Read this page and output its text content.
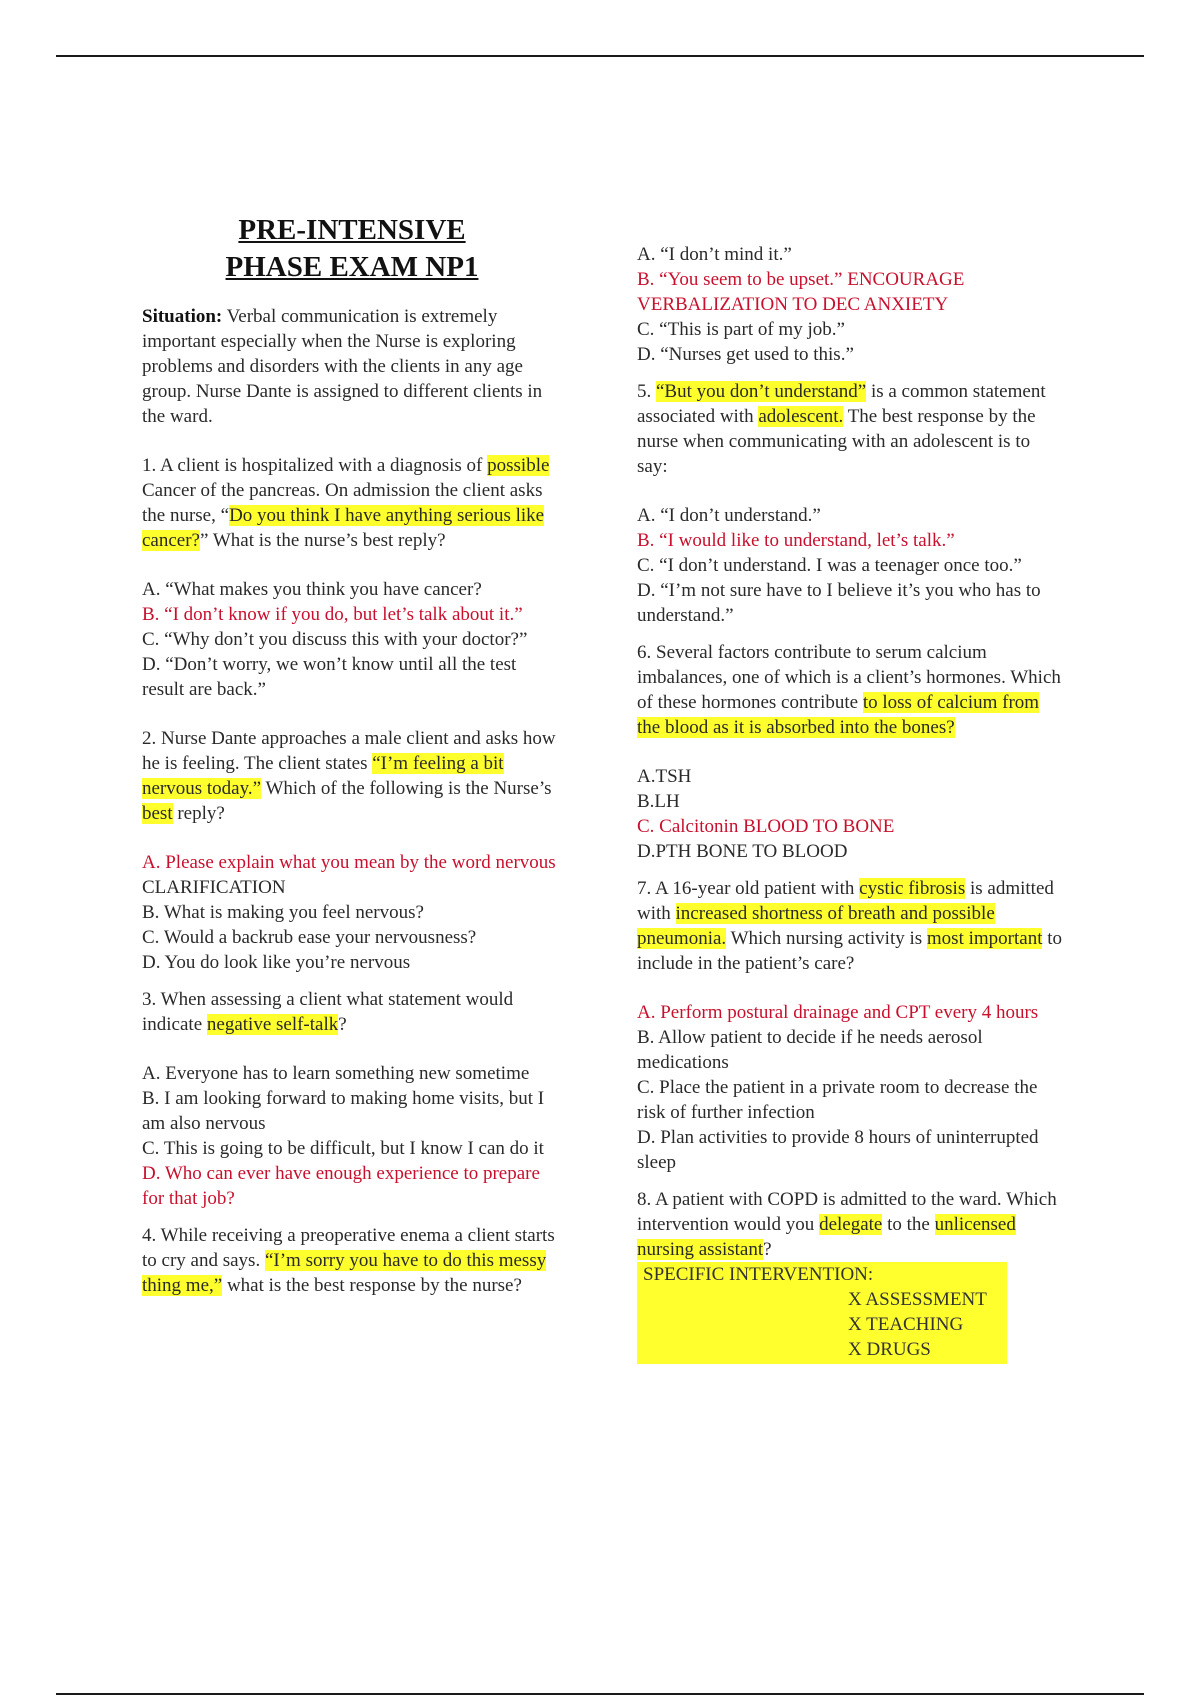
PRE-INTENSIVE
PHASE EXAM NP1

Situation: Verbal communication is extremely important especially when the Nurse is exploring problems and disorders with the clients in any age group. Nurse Dante is assigned to different clients in the ward.

1. A client is hospitalized with a diagnosis of possible Cancer of the pancreas. On admission the client asks the nurse, “Do you think I have anything serious like cancer?” What is the nurse’s best reply?

A. “What makes you think you have cancer?

B. “I don’t know if you do, but let’s talk about it.”

C. “Why don’t you discuss this with your doctor?”

D. “Don’t worry, we won’t know until all the test result are back.”

2. Nurse Dante approaches a male client and asks how he is feeling. The client states “I’m feeling a bit nervous today.” Which of the following is the Nurse’s best reply?

A. Please explain what you mean by the word nervous CLARIFICATION

B. What is making you feel nervous?

C. Would a backrub ease your nervousness?

D. You do look like you’re nervous

3. When assessing a client what statement would indicate negative self-talk?

A. Everyone has to learn something new sometime

B. I am looking forward to making home visits, but I am also nervous

C. This is going to be difficult, but I know I can do it

D. Who can ever have enough experience to prepare for that job?

4. While receiving a preoperative enema a client starts to cry and says. “I’m sorry you have to do this messy thing me,” what is the best response by the nurse?

A. “I don’t mind it.”

B. “You seem to be upset.” ENCOURAGE VERBALIZATION TO DEC ANXIETY

C. “This is part of my job.”

D. “Nurses get used to this.”

5. “But you don’t understand” is a common statement associated with adolescent. The best response by the nurse when communicating with an adolescent is to say:

A. “I don’t understand.”

B. “I would like to understand, let’s talk.”

C. “I don’t understand. I was a teenager once too.”

D. “I’m not sure have to I believe it’s you who has to understand.”

6. Several factors contribute to serum calcium imbalances, one of which is a client’s hormones. Which of these hormones contribute to loss of calcium from the blood as it is absorbed into the bones?

A.TSH

B.LH

C. Calcitonin BLOOD TO BONE

D.PTH BONE TO BLOOD

7. A 16-year old patient with cystic fibrosis is admitted with increased shortness of breath and possible pneumonia. Which nursing activity is most important to include in the patient’s care?

A. Perform postural drainage and CPT every 4 hours

B. Allow patient to decide if he needs aerosol medications

C. Place the patient in a private room to decrease the risk of further infection

D. Plan activities to provide 8 hours of uninterrupted sleep

8. A patient with COPD is admitted to the ward. Which intervention would you delegate to the unlicensed nursing assistant?

SPECIFIC INTERVENTION:
X ASSESSMENT
X TEACHING
X DRUGS
